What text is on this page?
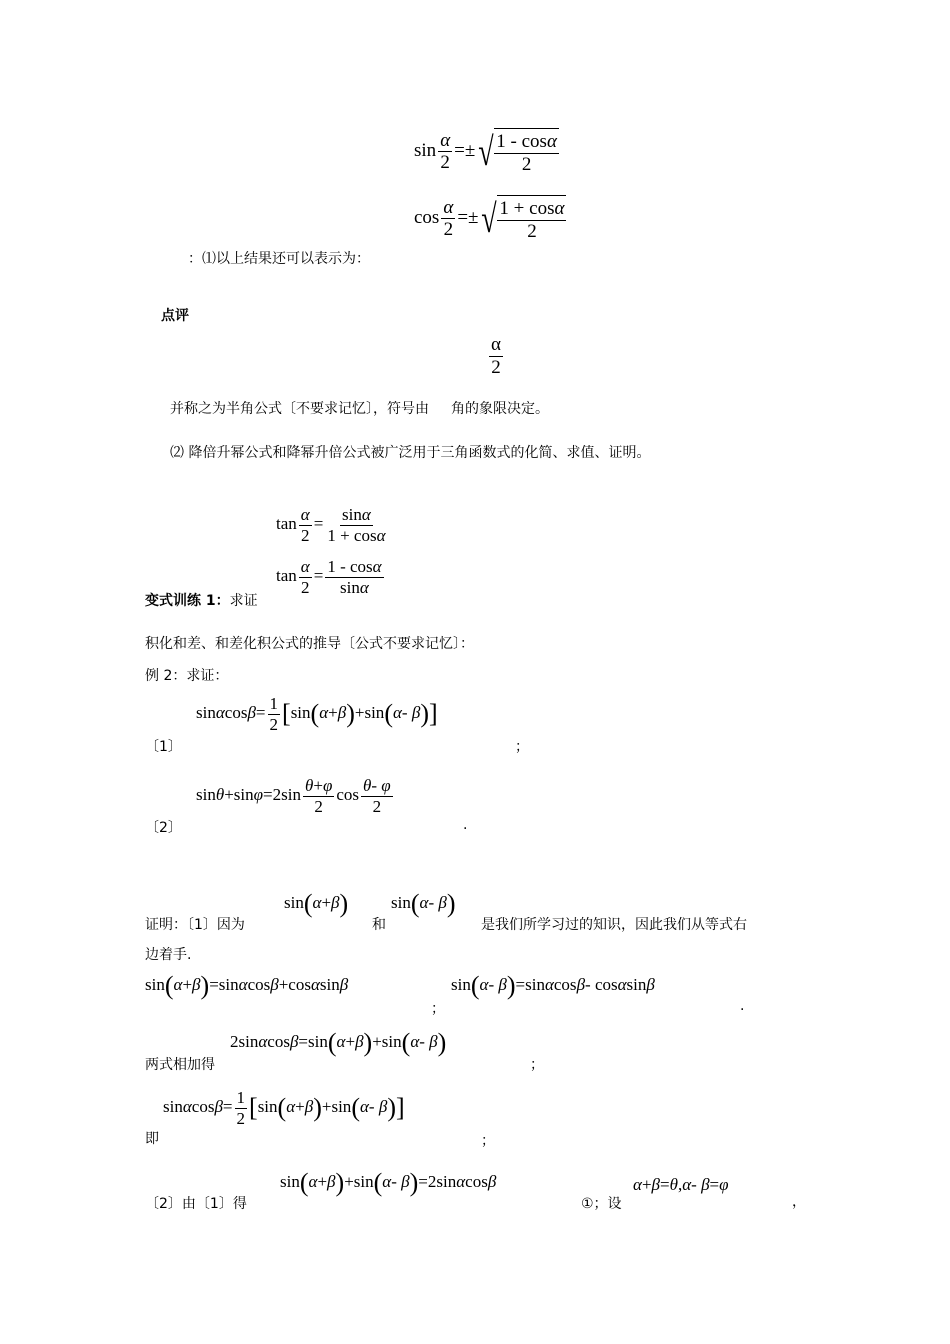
$\sin \frac{\alpha}{2}$ =± √ $\frac{1 - \cos\alpha}{2}$
$\cos \frac{\alpha}{2}$ =± √ $\frac{1 + \cos\alpha}{2}$
：⑴以上结果还可以表示为：
点评
$\frac{\alpha}{2}$
并称之为半角公式〔不要求记忆〕，符号由 角的象限决定。
⑵ 降倍升幂公式和降幂升倍公式被广泛用于三角函数式的化简、求值、证明。
$\tan \frac{\alpha}{2} = \frac{\sin\alpha}{1 + \cos\alpha}$
$\tan \frac{\alpha}{2} = \frac{1 - \cos\alpha}{\sin\alpha}$
变式训练 1：求证
积化和差、和差化积公式的推导〔公式不要求记忆〕：
例 2：求证：
$\sin\alpha\cos\beta= \frac{1}{2} [\sin(\alpha+\beta)+\sin(\alpha-$ β)]
〔1〕	；
$\sin\theta+\sin\varphi=2\sin \frac{\theta+\varphi}{2}$ $\cos \frac{\theta- \varphi}{2}$
〔2〕	.
sin(α+β)	sin(α- β)
证明：〔1〕因为	和	是我们所学习过的知识，因此我们从等式右
边着手.
sin(α+β)=sinαcosβ+cosαsinβ
；
sin(α- β)=sinαcosβ- cosαsinβ
.
2sinαcosβ=sin(α+β)+sin(α- β)
两式相加得	；
$\sin\alpha\cos\beta= \frac{1}{2} [\sin(\alpha+\beta)+\sin(\alpha-$ β)]
即	；
sin(α+β)+sin(α- β)=2sinαcosβ
〔2〕由〔1〕得	①；设
α+β=θ,α- β=φ
，
